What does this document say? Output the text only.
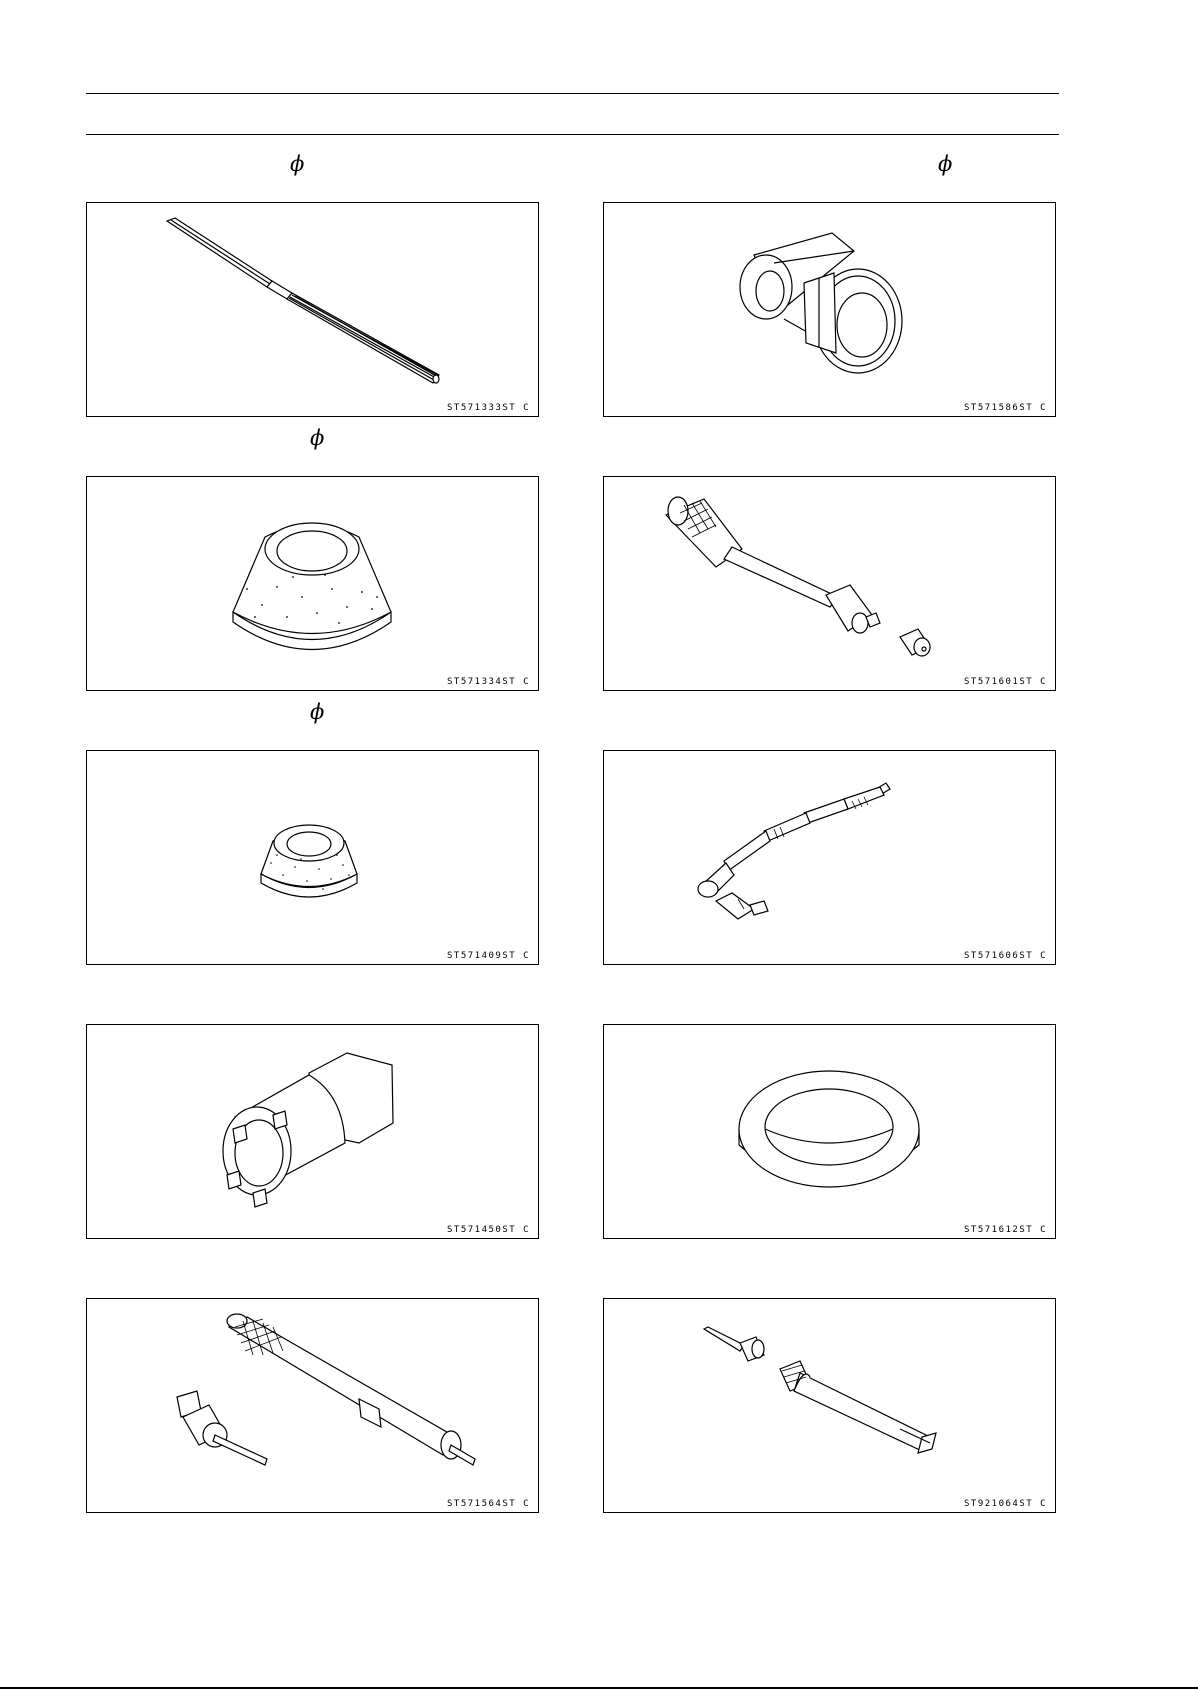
ϕ	ϕ
ϕ
ϕ
ST571333ST C	ST571586ST C
ST571334ST C	ST571601ST C
ST571409ST C	ST571606ST C
ST571450ST C	ST571612ST C
ST571564ST C	ST921064ST C
